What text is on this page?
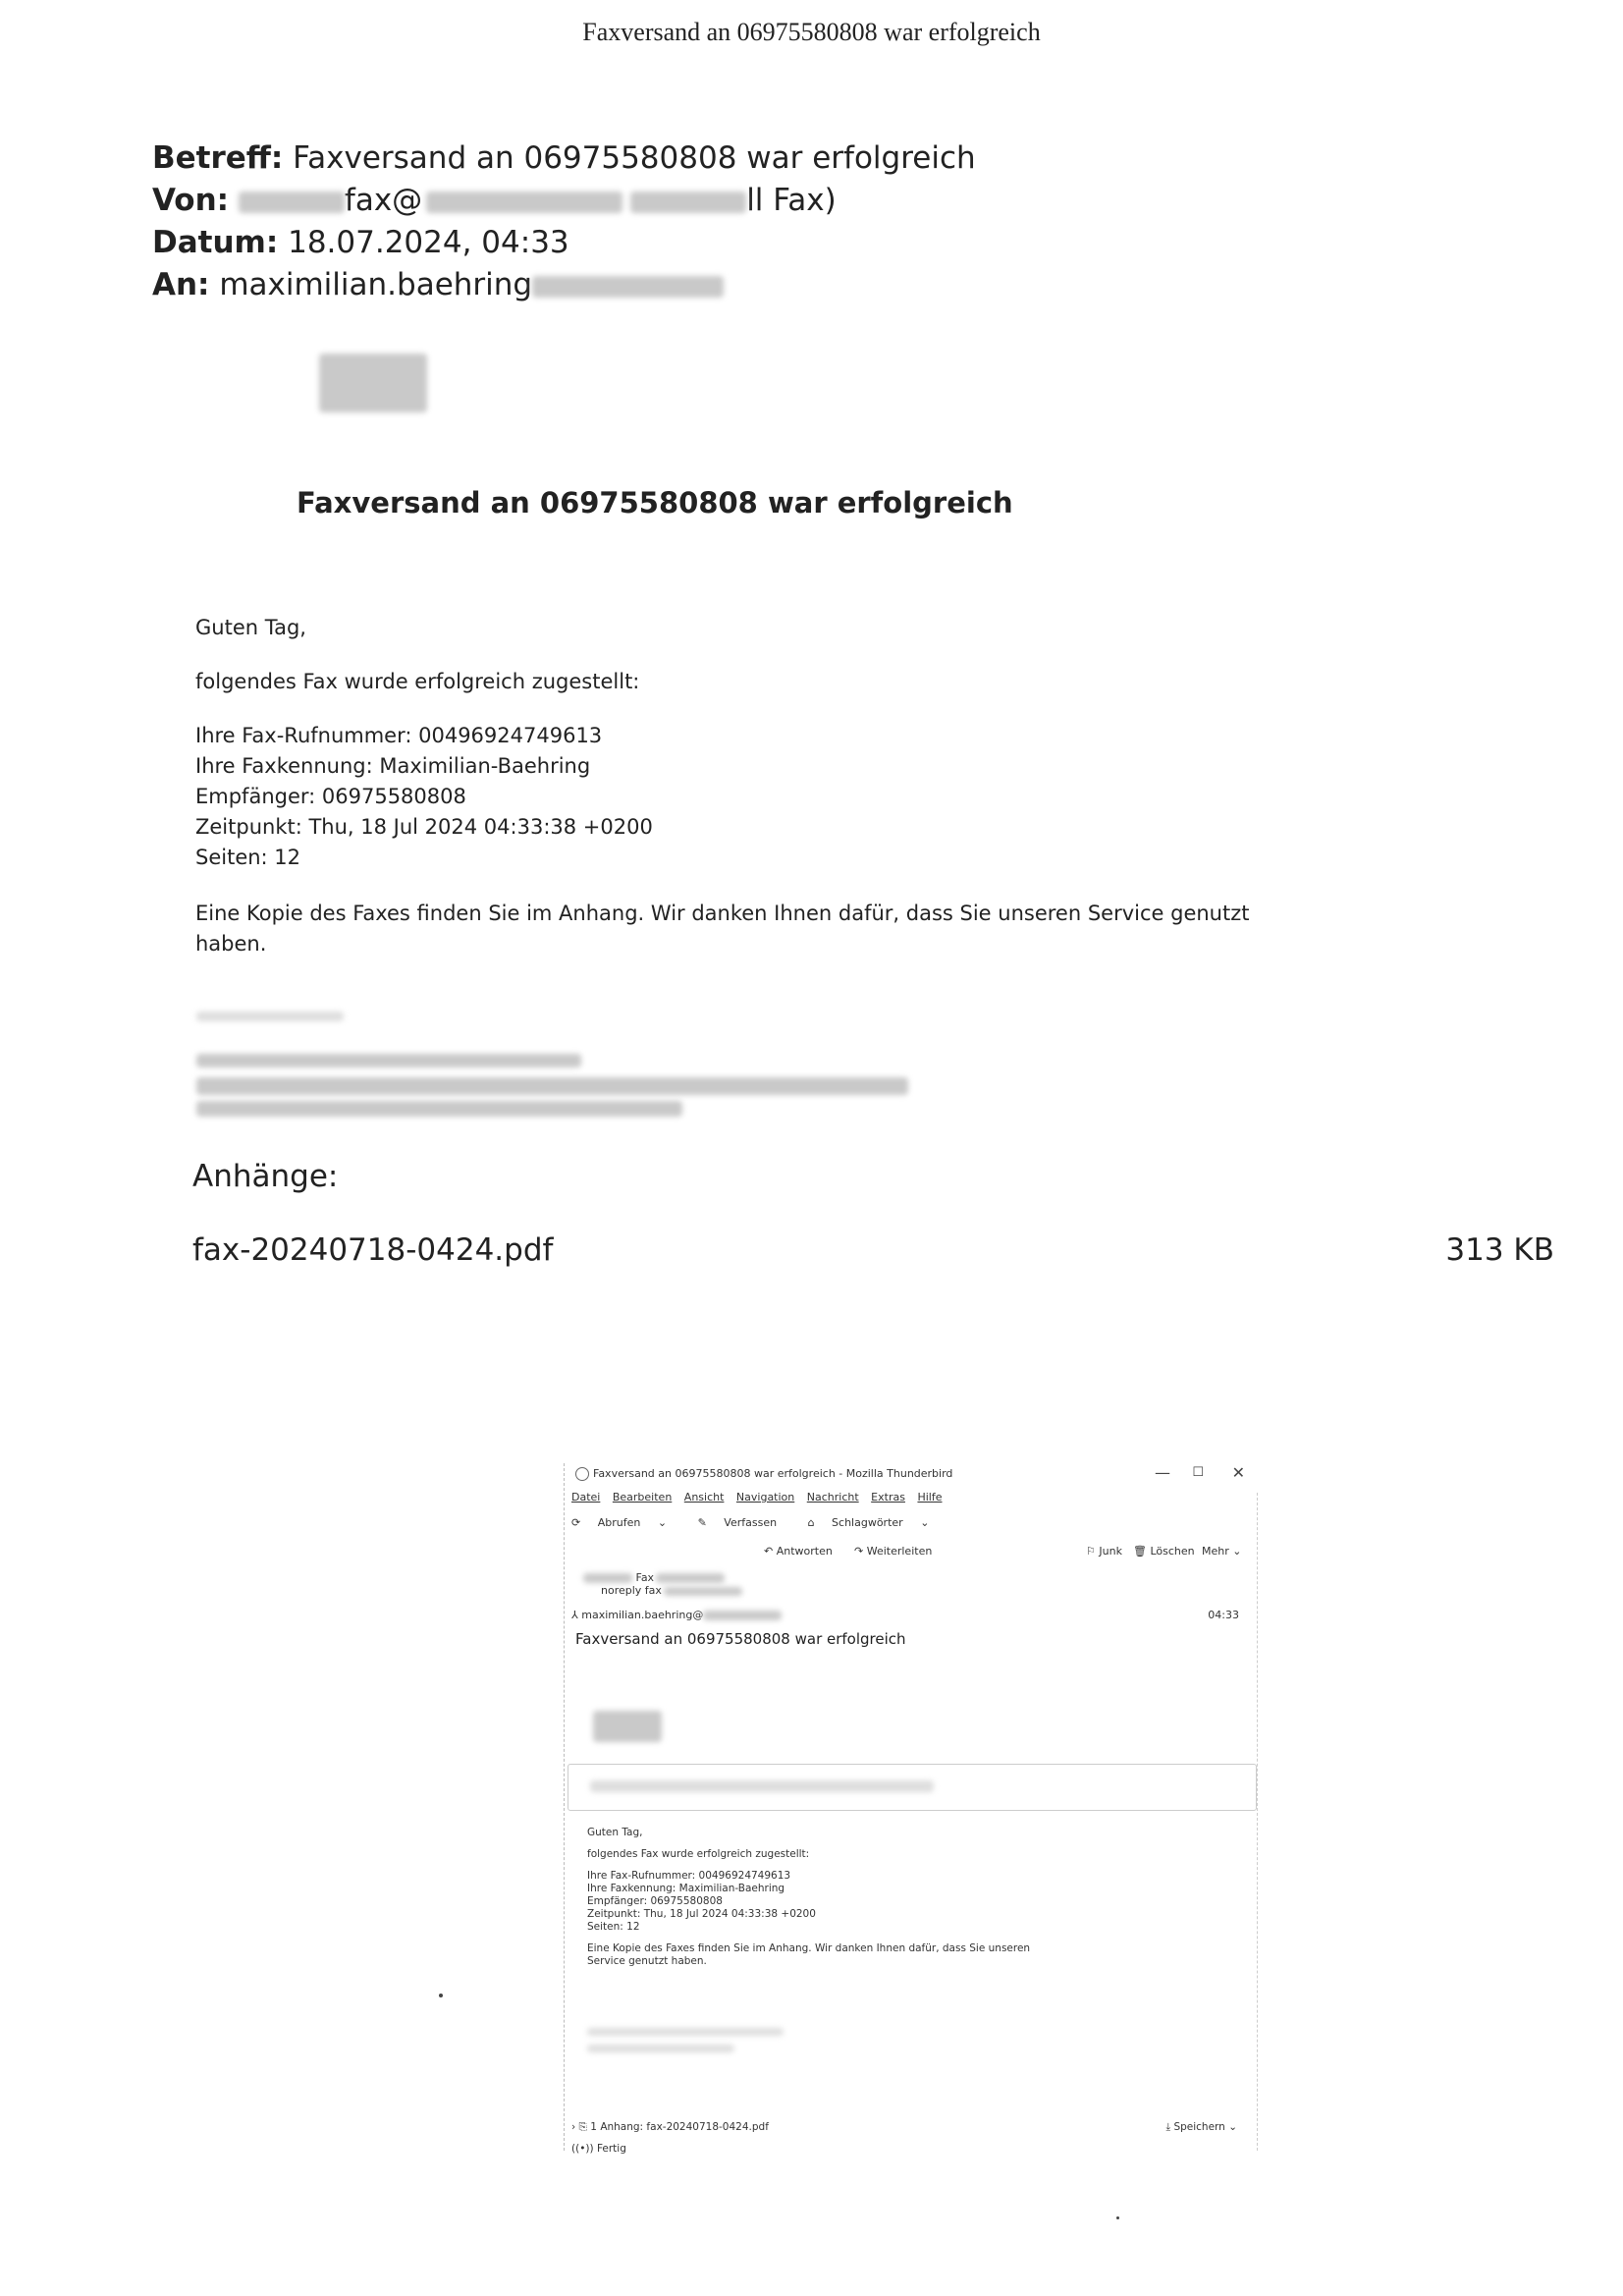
Faxversand an 06975580808 war erfolgreich
Betreff: Faxversand an 06975580808 war erfolgreich
Von:	fax@	ll Fax)
Datum: 18.07.2024, 04:33
An: maximilian.baehring
Faxversand an 06975580808 war erfolgreich
Guten Tag,
folgendes Fax wurde erfolgreich zugestellt:
Ihre Fax-Rufnummer: 00496924749613
Ihre Faxkennung: Maximilian-Baehring
Empfänger: 06975580808
Zeitpunkt: Thu, 18 Jul 2024 04:33:38 +0200
Seiten: 12
Eine Kopie des Faxes finden Sie im Anhang. Wir danken Ihnen dafür, dass Sie unseren Service genutzt
haben.
Anhänge:
fax-20240718-0424.pdf	313 KB
Faxversand an 06975580808 war erfolgreich - Mozilla Thunderbird	— ☐ ✕
Datei Bearbeiten Ansicht Navigation Nachricht Extras Hilfe
⟳ Abrufen ⌄	✎ Verfassen	⌂ Schlagwörter ⌄
↶ Antworten ↷ Weiterleiten	⚐ Junk 🗑 Löschen Mehr ⌄
Fax
noreply fax
⅄ maximilian.baehring@	04:33
Faxversand an 06975580808 war erfolgreich

Guten Tag,

folgendes Fax wurde erfolgreich zugestellt:

Ihre Fax-Rufnummer: 00496924749613
Ihre Faxkennung: Maximilian-Baehring
Empfänger: 06975580808
Zeitpunkt: Thu, 18 Jul 2024 04:33:38 +0200
Seiten: 12

Eine Kopie des Faxes finden Sie im Anhang. Wir danken Ihnen dafür, dass Sie unseren
Service genutzt haben.

› ⎘ 1 Anhang: fax-20240718-0424.pdf	⤓ Speichern ⌄
((•)) Fertig
